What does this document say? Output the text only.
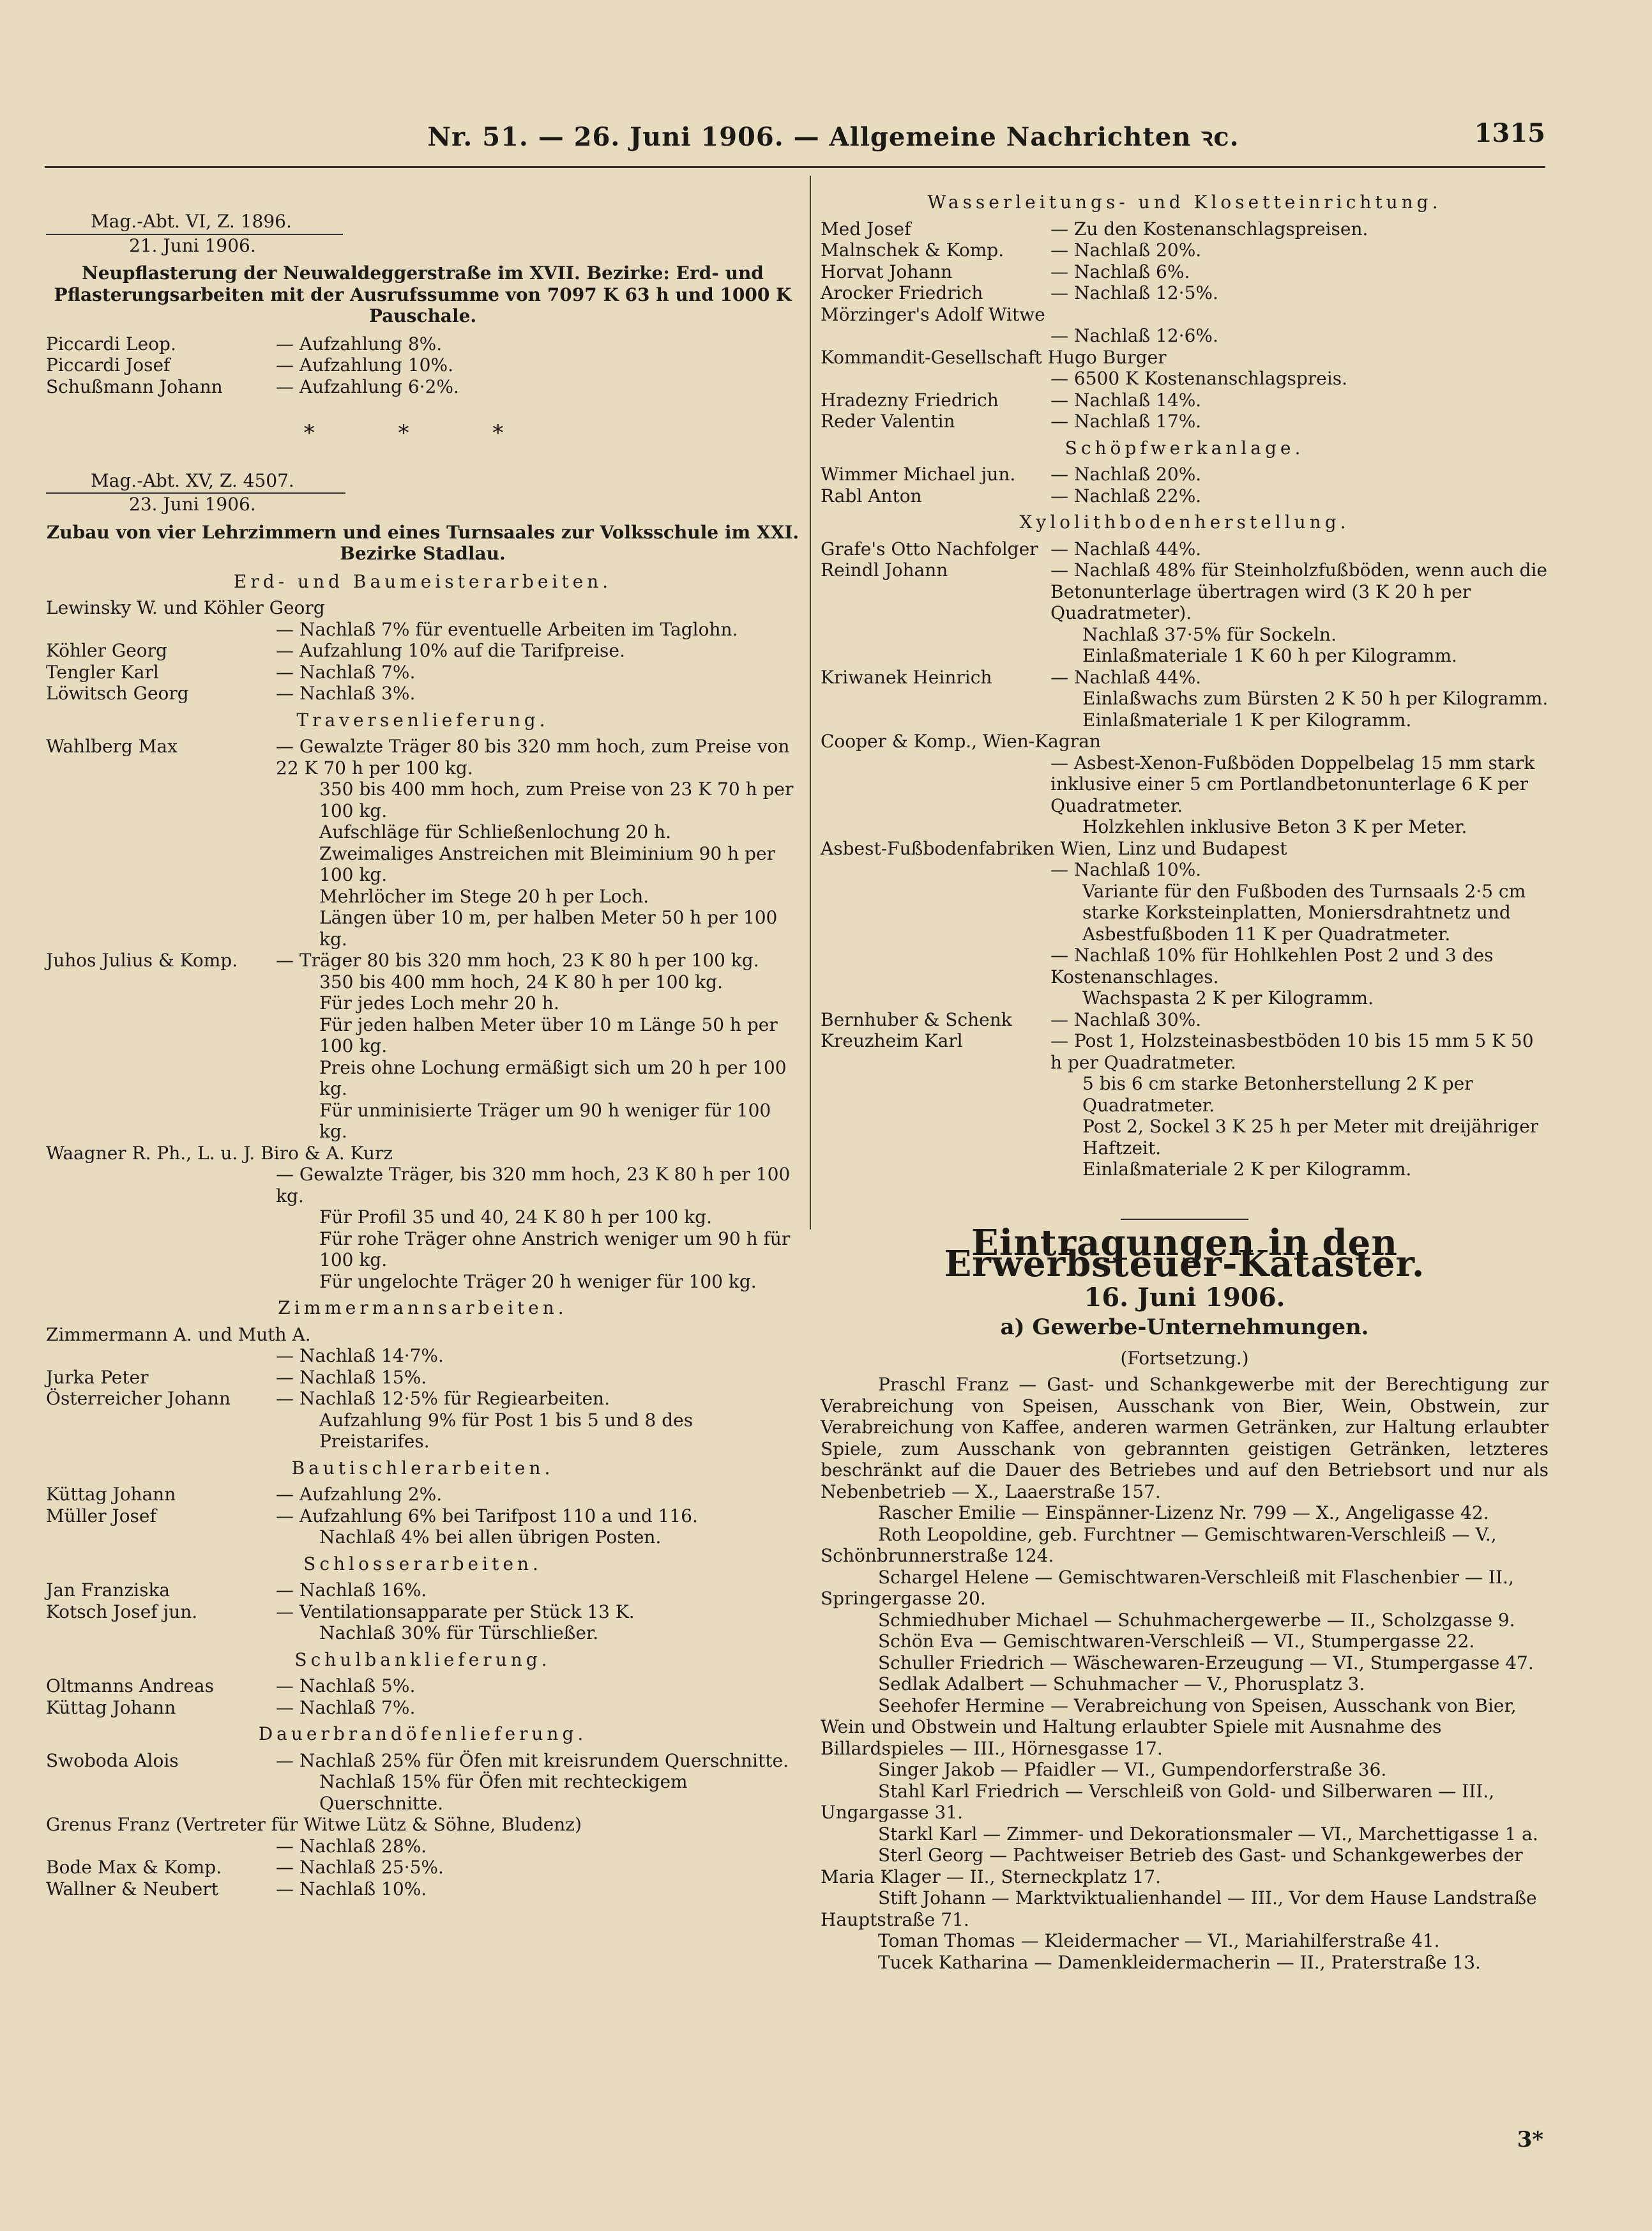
Nr. 51. — 26. Juni 1906. — Allgemeine Nachrichten ꝛc.	1315
Mag.-Abt. VI, Z. 1896.
21. Juni 1906.
Neupflasterung der Neuwaldeggerstraße im XVII. Bezirke: Erd- und Pflasterungsarbeiten mit der Ausrufssumme von 7097 K 63 h und 1000 K Pauschale.
Piccardi Leop.	— Aufzahlung 8%.
Piccardi Josef	— Aufzahlung 10%.
Schußmann Johann	— Aufzahlung 6·2%.
* * *
Mag.-Abt. XV, Z. 4507.
23. Juni 1906.
Zubau von vier Lehrzimmern und eines Turnsaales zur Volksschule im XXI. Bezirke Stadlau.
Erd- und Baumeisterarbeiten.
Lewinsky W. und Köhler Georg
— Nachlaß 7% für eventuelle Arbeiten im Taglohn.
Köhler Georg	— Aufzahlung 10% auf die Tarifpreise.
Tengler Karl	— Nachlaß 7%.
Löwitsch Georg	— Nachlaß 3%.
Traversenlieferung.
Wahlberg Max	— Gewalzte Träger 80 bis 320 mm hoch, zum Preise von 22 K 70 h per 100 kg.
350 bis 400 mm hoch, zum Preise von 23 K 70 h per 100 kg.
Aufschläge für Schließenlochung 20 h.
Zweimaliges Anstreichen mit Bleiminium 90 h per 100 kg.
Mehrlöcher im Stege 20 h per Loch.
Längen über 10 m, per halben Meter 50 h per 100 kg.
Juhos Julius & Komp.	— Träger 80 bis 320 mm hoch, 23 K 80 h per 100 kg.
350 bis 400 mm hoch, 24 K 80 h per 100 kg.
Für jedes Loch mehr 20 h.
Für jeden halben Meter über 10 m Länge 50 h per 100 kg.
Preis ohne Lochung ermäßigt sich um 20 h per 100 kg.
Für unminisierte Träger um 90 h weniger für 100 kg.
Waagner R. Ph., L. u. J. Biro & A. Kurz
— Gewalzte Träger, bis 320 mm hoch, 23 K 80 h per 100 kg.
Für Profil 35 und 40, 24 K 80 h per 100 kg.
Für rohe Träger ohne Anstrich weniger um 90 h für 100 kg.
Für ungelochte Träger 20 h weniger für 100 kg.
Zimmermannsarbeiten.
Zimmermann A. und Muth A.
— Nachlaß 14·7%.
Jurka Peter	— Nachlaß 15%.
Österreicher Johann	— Nachlaß 12·5% für Regiearbeiten.
Aufzahlung 9% für Post 1 bis 5 und 8 des Preistarifes.
Bautischlerarbeiten.
Küttag Johann	— Aufzahlung 2%.
Müller Josef	— Aufzahlung 6% bei Tarifpost 110 a und 116.
Nachlaß 4% bei allen übrigen Posten.
Schlosserarbeiten.
Jan Franziska	— Nachlaß 16%.
Kotsch Josef jun.	— Ventilationsapparate per Stück 13 K.
Nachlaß 30% für Türschließer.
Schulbanklieferung.
Oltmanns Andreas	— Nachlaß 5%.
Küttag Johann	— Nachlaß 7%.
Dauerbrandöfenlieferung.
Swoboda Alois	— Nachlaß 25% für Öfen mit kreisrundem Querschnitte.
Nachlaß 15% für Öfen mit rechteckigem Querschnitte.
Grenus Franz (Vertreter für Witwe Lütz & Söhne, Bludenz)
— Nachlaß 28%.
Bode Max & Komp.	— Nachlaß 25·5%.
Wallner & Neubert	— Nachlaß 10%.
Wasserleitungs- und Klosetteinrichtung.
Med Josef	— Zu den Kostenanschlagspreisen.
Malnschek & Komp.	— Nachlaß 20%.
Horvat Johann	— Nachlaß 6%.
Arocker Friedrich	— Nachlaß 12·5%.
Mörzinger's Adolf Witwe
— Nachlaß 12·6%.
Kommandit-Gesellschaft Hugo Burger
— 6500 K Kostenanschlagspreis.
Hradezny Friedrich	— Nachlaß 14%.
Reder Valentin	— Nachlaß 17%.
Schöpfwerkanlage.
Wimmer Michael jun. — Nachlaß 20%.
Rabl Anton	— Nachlaß 22%.
Xylolithbodenherstellung.
Grafe's Otto Nachfolger — Nachlaß 44%.
Reindl Johann	— Nachlaß 48% für Steinholzfußböden, wenn auch die Betonunterlage übertragen wird (3 K 20 h per Quadratmeter).
Nachlaß 37·5% für Sockeln.
Einlaßmateriale 1 K 60 h per Kilogramm.
Kriwanek Heinrich	— Nachlaß 44%.
Einlaßwachs zum Bürsten 2 K 50 h per Kilogramm.
Einlaßmateriale 1 K per Kilogramm.
Cooper & Komp., Wien-Kagran
— Asbest-Xenon-Fußböden Doppelbelag 15 mm stark inklusive einer 5 cm Portlandbetonunterlage 6 K per Quadratmeter.
Holzkehlen inklusive Beton 3 K per Meter.
Asbest-Fußbodenfabriken Wien, Linz und Budapest
— Nachlaß 10%.
Variante für den Fußboden des Turnsaals 2·5 cm starke Korksteinplatten, Moniersdrahtnetz und Asbestfußboden 11 K per Quadratmeter.
— Nachlaß 10% für Hohlkehlen Post 2 und 3 des Kostenanschlages.
Wachspasta 2 K per Kilogramm.
Bernhuber & Schenk — Nachlaß 30%.
Kreuzheim Karl	— Post 1, Holzsteinasbestböden 10 bis 15 mm 5 K 50 h per Quadratmeter.
5 bis 6 cm starke Betonherstellung 2 K per Quadratmeter.
Post 2, Sockel 3 K 25 h per Meter mit dreijähriger Haftzeit.
Einlaßmateriale 2 K per Kilogramm.
Eintragungen in den Erwerbsteuer-Kataster.
16. Juni 1906.
a) Gewerbe-Unternehmungen.
(Fortsetzung.)
Praschl Franz — Gast- und Schankgewerbe mit der Berechtigung zur Verabreichung von Speisen, Ausschank von Bier, Wein, Obstwein, zur Verabreichung von Kaffee, anderen warmen Getränken, zur Haltung erlaubter Spiele, zum Ausschank von gebrannten geistigen Getränken, letzteres beschränkt auf die Dauer des Betriebes und auf den Betriebsort und nur als Nebenbetrieb — X., Laaerstraße 157.
Rascher Emilie — Einspänner-Lizenz Nr. 799 — X., Angeligasse 42.
Roth Leopoldine, geb. Furchtner — Gemischtwaren-Verschleiß — V., Schönbrunnerstraße 124.
Schargel Helene — Gemischtwaren-Verschleiß mit Flaschenbier — II., Springergasse 20.
Schmiedhuber Michael — Schuhmachergewerbe — II., Scholzgasse 9.
Schön Eva — Gemischtwaren-Verschleiß — VI., Stumpergasse 22.
Schuller Friedrich — Wäschewaren-Erzeugung — VI., Stumpergasse 47.
Sedlak Adalbert — Schuhmacher — V., Phorusplatz 3.
Seehofer Hermine — Verabreichung von Speisen, Ausschank von Bier, Wein und Obstwein und Haltung erlaubter Spiele mit Ausnahme des Billardspieles — III., Hörnesgasse 17.
Singer Jakob — Pfaidler — VI., Gumpendorferstraße 36.
Stahl Karl Friedrich — Verschleiß von Gold- und Silberwaren — III., Ungargasse 31.
Starkl Karl — Zimmer- und Dekorationsmaler — VI., Marchettigasse 1 a.
Sterl Georg — Pachtweiser Betrieb des Gast- und Schankgewerbes der Maria Klager — II., Sterneckplatz 17.
Stift Johann — Marktviktualienhandel — III., Vor dem Hause Landstraße Hauptstraße 71.
Toman Thomas — Kleidermacher — VI., Mariahilferstraße 41.
Tucek Katharina — Damenkleidermacherin — II., Praterstraße 13.
3*
